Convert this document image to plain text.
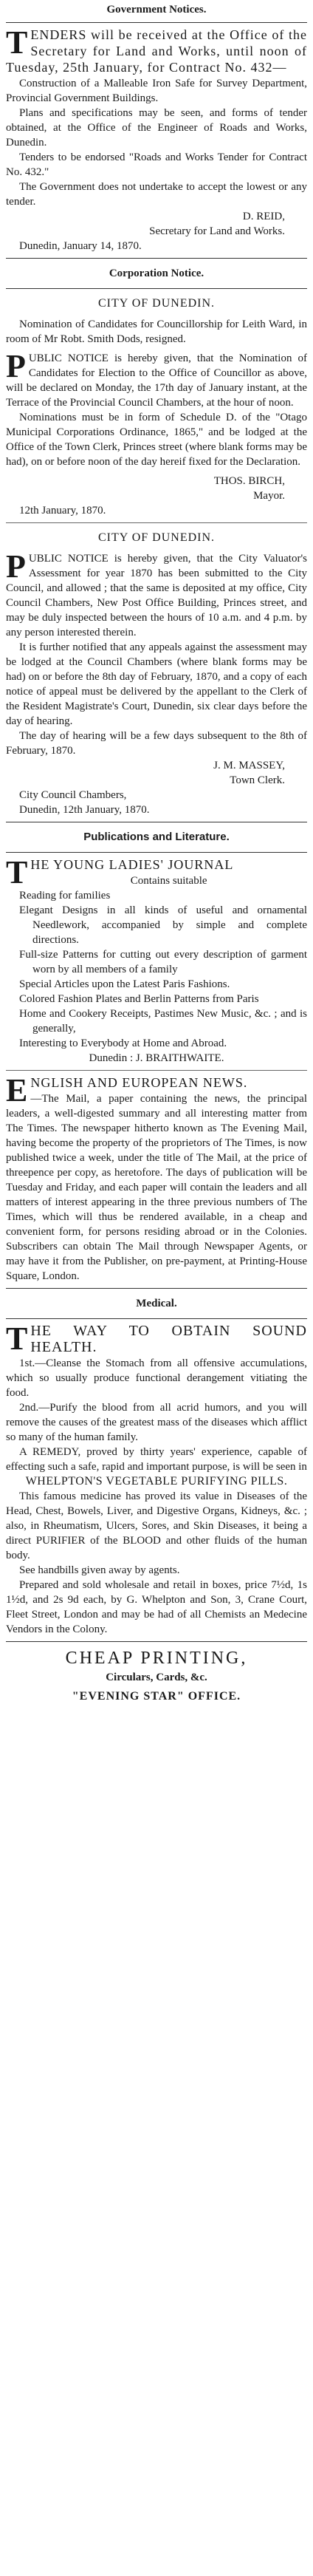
Government Notices.

TENDERS will be received at the Office of the Secretary for Land and Works, until noon of Tuesday, 25th January, for Contract No. 432—

Construction of a Malleable Iron Safe for Survey Department, Provincial Government Buildings.

Plans and specifications may be seen, and forms of tender obtained, at the Office of the Engineer of Roads and Works, Dunedin.

Tenders to be endorsed "Roads and Works Tender for Contract No. 432."

The Government does not undertake to accept the lowest or any tender.

D. REID,

Secretary for Land and Works.

Dunedin, January 14, 1870.

Corporation Notice.
CITY OF DUNEDIN.

Nomination of Candidates for Councillorship for Leith Ward, in room of Mr Robt. Smith Dods, resigned.

PUBLIC NOTICE is hereby given, that the Nomination of Candidates for Election to the Office of Councillor as above, will be declared on Monday, the 17th day of January instant, at the Terrace of the Provincial Council Chambers, at the hour of noon.

Nominations must be in form of Schedule D. of the "Otago Municipal Corporations Ordinance, 1865," and be lodged at the Office of the Town Clerk, Princes street (where blank forms may be had), on or before noon of the day hereif fixed for the Declaration.

THOS. BIRCH,

Mayor.

12th January, 1870.

CITY OF DUNEDIN.

PUBLIC NOTICE is hereby given, that the City Valuator's Assessment for year 1870 has been submitted to the City Council, and allowed ; that the same is deposited at my office, City Council Chambers, New Post Office Building, Princes street, and may be duly inspected between the hours of 10 a.m. and 4 p.m. by any person interested therein.

It is further notified that any appeals against the assessment may be lodged at the Council Chambers (where blank forms may be had) on or before the 8th day of February, 1870, and a copy of each notice of appeal must be delivered by the appellant to the Clerk of the Resident Magistrate's Court, Dunedin, six clear days before the day of hearing.

The day of hearing will be a few days subsequent to the 8th of February, 1870.

J. M. MASSEY,

Town Clerk.

City Council Chambers,

Dunedin, 12th January, 1870.

Publications and Literature.

THE YOUNG LADIES' JOURNAL

Contains suitable

Reading for families

Elegant Designs in all kinds of useful and ornamental Needlework, accompanied by simple and complete directions.

Full-size Patterns for cutting out every description of garment worn by all members of a family

Special Articles upon the Latest Paris Fashions.

Colored Fashion Plates and Berlin Patterns from Paris

Home and Cookery Receipts, Pastimes New Music, &c. ; and is generally,

Interesting to Everybody at Home and Abroad.

Dunedin : J. BRAITHWAITE.

ENGLISH AND EUROPEAN NEWS.

—The Mail, a paper containing the news, the principal leaders, a well-digested summary and all interesting matter from The Times. The newspaper hitherto known as The Evening Mail, having become the property of the proprietors of The Times, is now published twice a week, under the title of The Mail, at the price of threepence per copy, as heretofore. The days of publication will be Tuesday and Friday, and each paper will contain the leaders and all matters of interest appearing in the three previous numbers of The Times, which will thus be rendered available, in a cheap and convenient form, for persons residing abroad or in the Colonies. Subscribers can obtain The Mail through Newspaper Agents, or may have it from the Publisher, on pre-payment, at Printing-House Square, London.

Medical.

THE WAY TO OBTAIN SOUND HEALTH.

1st.—Cleanse the Stomach from all offensive accumulations, which so usually produce functional derangement vitiating the food.

2nd.—Purify the blood from all acrid humors, and you will remove the causes of the greatest mass of the diseases which afflict so many of the human family.

A REMEDY, proved by thirty years' experience, capable of effecting such a safe, rapid and important purpose, is will be seen in

WHELPTON'S VEGETABLE PURIFYING PILLS.

This famous medicine has proved its value in Diseases of the Head, Chest, Bowels, Liver, and Digestive Organs, Kidneys, &c. ; also, in Rheumatism, Ulcers, Sores, and Skin Diseases, it being a direct PURIFIER of the BLOOD and other fluids of the human body.

See handbills given away by agents.

Prepared and sold wholesale and retail in boxes, price 7½d, 1s 1½d, and 2s 9d each, by G. Whelpton and Son, 3, Crane Court, Fleet Street, London and may be had of all Chemists an Medecine Vendors in the Colony.

CHEAP PRINTING,

Circulars, Cards, &c.

"EVENING STAR" OFFICE.
